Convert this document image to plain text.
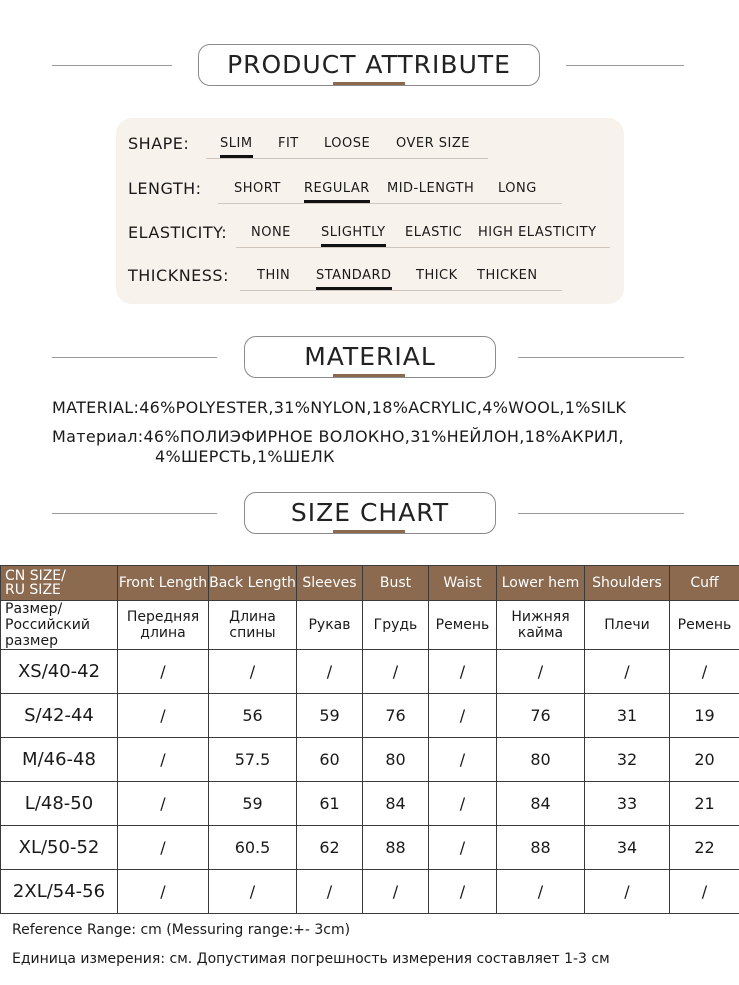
PRODUCT ATTRIBUTE
SHAPE: SLIM FIT LOOSE OVER SIZE
LENGTH: SHORT REGULAR MID-LENGTH LONG
ELASTICITY: NONE SLIGHTLY ELASTIC HIGH ELASTICITY
THICKNESS: THIN STANDARD THICK THICKEN
MATERIAL
MATERIAL:46%POLYESTER,31%NYLON,18%ACRYLIC,4%WOOL,1%SILK
Материал:46%ПОЛИЭФИРНОЕ ВОЛОКНО,31%НЕЙЛОН,18%АКРИЛ,
4%ШЕРСТЬ,1%ШЕЛК
SIZE CHART
CN SIZE/
RU SIZE	Front Length	Back Length	Sleeves	Bust	Waist	Lower hem	Shoulders	Cuff

Размер/
Российский
размер	Передняя длина	Длина спины	Рукав	Грудь	Ремень	Нижняя кайма	Плечи	Ремень
XS/40-42	/	/	/	/	/	/	/	/
S/42-44	/	56	59	76	/	76	31	19
M/46-48	/	57.5	60	80	/	80	32	20
L/48-50	/	59	61	84	/	84	33	21
XL/50-52	/	60.5	62	88	/	88	34	22
2XL/54-56	/	/	/	/	/	/	/	/
Reference Range: cm (Messuring range:+- 3cm)
Единица измерения: см. Допустимая погрешность измерения составляет 1-3 см
